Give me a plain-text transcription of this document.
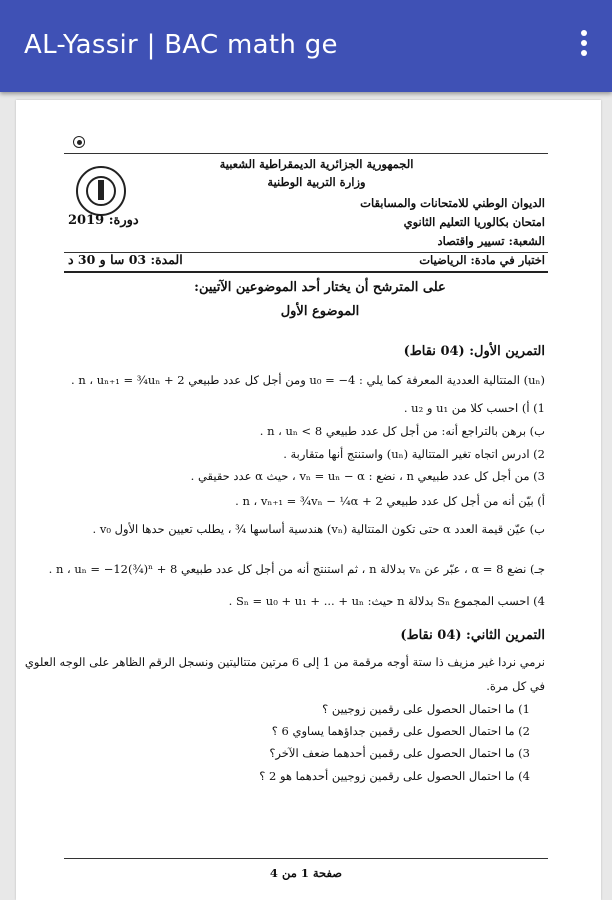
AL-Yassir | BAC math ge
الجمهورية الجزائرية الديمقراطية الشعبية
وزارة التربية الوطنية
الديوان الوطني للامتحانات والمسابقات
امتحان بكالوريا التعليم الثانوي
دورة: 2019
الشعبة: تسيير واقتصاد
اختبار في مادة: الرياضيات
المدة: 03 سا و 30 د
على المترشح أن يختار أحد الموضوعين الآتيين:
الموضوع الأول
التمرين الأول: (04 نقاط)
(uₙ) المتتالية العددية المعرفة كما يلي : u₀ = −4 ومن أجل كل عدد طبيعي n ، uₙ₊₁ = ¾uₙ + 2 .
1) أ) احسب كلا من u₁ و u₂ .
ب) برهن بالتراجع أنه: من أجل كل عدد طبيعي n ، uₙ < 8 .
2) ادرس اتجاه تغير المتتالية (uₙ) واستنتج أنها متقاربة .
3) من أجل كل عدد طبيعي n ، نضع : vₙ = uₙ − α ، حيث α عدد حقيقي .
أ) بيّن أنه من أجل كل عدد طبيعي n ، vₙ₊₁ = ¾vₙ − ¼α + 2 .
ب) عيّن قيمة العدد α حتى تكون المتتالية (vₙ) هندسية أساسها ¾ ، يطلب تعيين حدها الأول v₀ .
جـ) نضع α = 8 ، عبّر عن vₙ بدلالة n ، ثم استنتج أنه من أجل كل عدد طبيعي n ، uₙ = −12(¾)ⁿ + 8 .
4) احسب المجموع Sₙ بدلالة n حيث: Sₙ = u₀ + u₁ + ... + uₙ .
التمرين الثاني: (04 نقاط)
نرمي نردا غير مزيف ذا ستة أوجه مرقمة من 1 إلى 6 مرتين متتاليتين ونسجل الرقم الظاهر على الوجه العلوي
في كل مرة.
1) ما احتمال الحصول على رقمين زوجيين ؟
2) ما احتمال الحصول على رقمين جداؤهما يساوي 6 ؟
3) ما احتمال الحصول على رقمين أحدهما ضعف الآخر؟
4) ما احتمال الحصول على رقمين زوجيين أحدهما هو 2 ؟
صفحة 1 من 4
